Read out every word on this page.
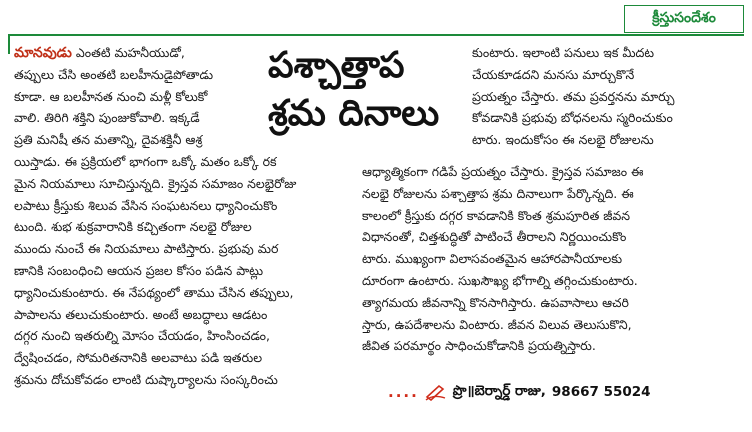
క్రీస్తుసందేశం
పశ్చాత్తాప
శ్రమ దినాలు
మానవుడు ఎంతటి మహనీయుడో,
తప్పులు చేసి అంతటి బలహీనుడైపోతాడు
కూడా. ఆ బలహీనత నుంచి మళ్లీ కోలుకో
వాలి. తిరిగి శక్తిని పుంజుకోవాలి. ఇక్కడే
ప్రతి మనిషీ తన మతాన్ని, దైవశక్తినీ ఆశ్ర
యిస్తాడు. ఈ ప్రక్రియలో భాగంగా ఒక్కో మతం ఒక్కో రక
మైన నియమాలు సూచిస్తున్నది. క్రైస్తవ సమాజం నలభైరోజు
లపాటు క్రీస్తుకు శిలువ వేసిన సంఘటనలు ధ్యానించుకొం
టుంది. శుభ శుక్రవారానికి కచ్చితంగా నలభై రోజుల
ముందు నుంచే ఈ నియమాలు పాటిస్తారు. ప్రభువు మర
ణానికి సంబంధించి ఆయన ప్రజల కోసం పడిన పాట్లు
ధ్యానించుకుంటారు. ఈ నేపథ్యంలో తాము చేసిన తప్పులు,
పాపాలను తలుచుకుంటారు. అంటే అబద్ధాలు ఆడటం
దగ్గర నుంచి ఇతరుల్ని మోసం చేయడం, హింసించడం,
ద్వేషించడం, సోమరితనానికి అలవాటు పడి ఇతరుల
శ్రమను దోచుకోవడం లాంటి దుష్కార్యాలను సంస్కరించు
కుంటారు. ఇలాంటి పనులు ఇక మీదట
చేయకూడదని మనసు మార్చుకొనే
ప్రయత్నం చేస్తారు. తమ ప్రవర్తనను మార్చు
కోవడానికి ప్రభువు బోధనలను స్మరించుకుం
టారు. ఇందుకోసం ఈ నలభై రోజులను
ఆధ్యాత్మికంగా గడిపే ప్రయత్నం చేస్తారు. క్రైస్తవ సమాజం ఈ
నలభై రోజులను పశ్చాత్తాప శ్రమ దినాలుగా పేర్కొన్నది. ఈ
కాలంలో క్రీస్తుకు దగ్గర కావడానికి కొంత శ్రమపూరిత జీవన
విధానంతో, చిత్తశుద్ధితో పాటించే తీరాలని నిర్ణయించుకొం
టారు. ముఖ్యంగా విలాసవంతమైన ఆహారపానీయాలకు
దూరంగా ఉంటారు. సుఖసౌఖ్య భోగాల్ని తగ్గించుకుంటారు.
త్యాగమయ జీవనాన్ని కొనసాగిస్తారు. ఉపవాసాలు ఆచరి
స్తారు, ఉపదేశాలను వింటారు. జీవన విలువ తెలుసుకొని,
జీవిత పరమార్థం సాధించుకోడానికి ప్రయత్నిస్తారు.
....	ప్రొ॥బెర్నార్డ్ రాజు, 98667 55024
